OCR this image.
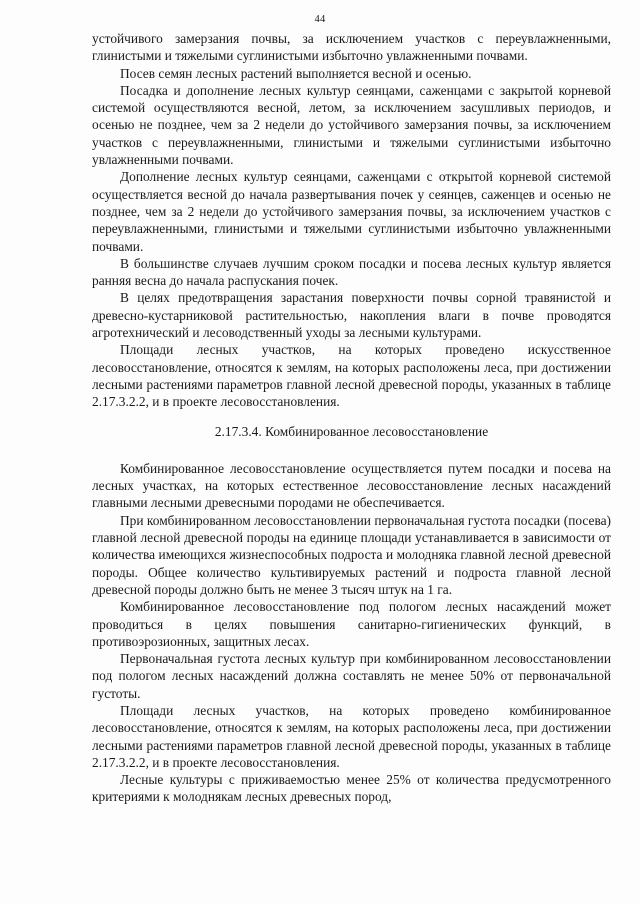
44

устойчивого замерзания почвы, за исключением участков с переувлажненными, глинистыми и тяжелыми суглинистыми избыточно увлажненными почвами.

Посев семян лесных растений выполняется весной и осенью.

Посадка и дополнение лесных культур сеянцами, саженцами с закрытой корневой системой осуществляются весной, летом, за исключением засушливых периодов, и осенью не позднее, чем за 2 недели до устойчивого замерзания почвы, за исключением участков с переувлажненными, глинистыми и тяжелыми суглинистыми избыточно увлажненными почвами.

Дополнение лесных культур сеянцами, саженцами с открытой корневой системой осуществляется весной до начала развертывания почек у сеянцев, саженцев и осенью не позднее, чем за 2 недели до устойчивого замерзания почвы, за исключением участков с переувлажненными, глинистыми и тяжелыми суглинистыми избыточно увлажненными почвами.

В большинстве случаев лучшим сроком посадки и посева лесных культур является ранняя весна до начала распускания почек.

В целях предотвращения зарастания поверхности почвы сорной травянистой и древесно-кустарниковой растительностью, накопления влаги в почве проводятся агротехнический и лесоводственный уходы за лесными культурами.

Площади лесных участков, на которых проведено искусственное лесовосстановление, относятся к землям, на которых расположены леса, при достижении лесными растениями параметров главной лесной древесной породы, указанных в таблице 2.17.3.2.2, и в проекте лесовосстановления.

2.17.3.4. Комбинированное лесовосстановление

Комбинированное лесовосстановление осуществляется путем посадки и посева на лесных участках, на которых естественное лесовосстановление лесных насаждений главными лесными древесными породами не обеспечивается.

При комбинированном лесовосстановлении первоначальная густота посадки (посева) главной лесной древесной породы на единице площади устанавливается в зависимости от количества имеющихся жизнеспособных подроста и молодняка главной лесной древесной породы. Общее количество культивируемых растений и подроста главной лесной древесной породы должно быть не менее 3 тысяч штук на 1 га.

Комбинированное лесовосстановление под пологом лесных насаждений может проводиться в целях повышения санитарно-гигиенических функций, в противоэрозионных, защитных лесах.

Первоначальная густота лесных культур при комбинированном лесовосстановлении под пологом лесных насаждений должна составлять не менее 50% от первоначальной густоты.

Площади лесных участков, на которых проведено комбинированное лесовосстановление, относятся к землям, на которых расположены леса, при достижении лесными растениями параметров главной лесной древесной породы, указанных в таблице 2.17.3.2.2, и в проекте лесовосстановления.

Лесные культуры с приживаемостью менее 25% от количества предусмотренного критериями к молоднякам лесных древесных пород,
